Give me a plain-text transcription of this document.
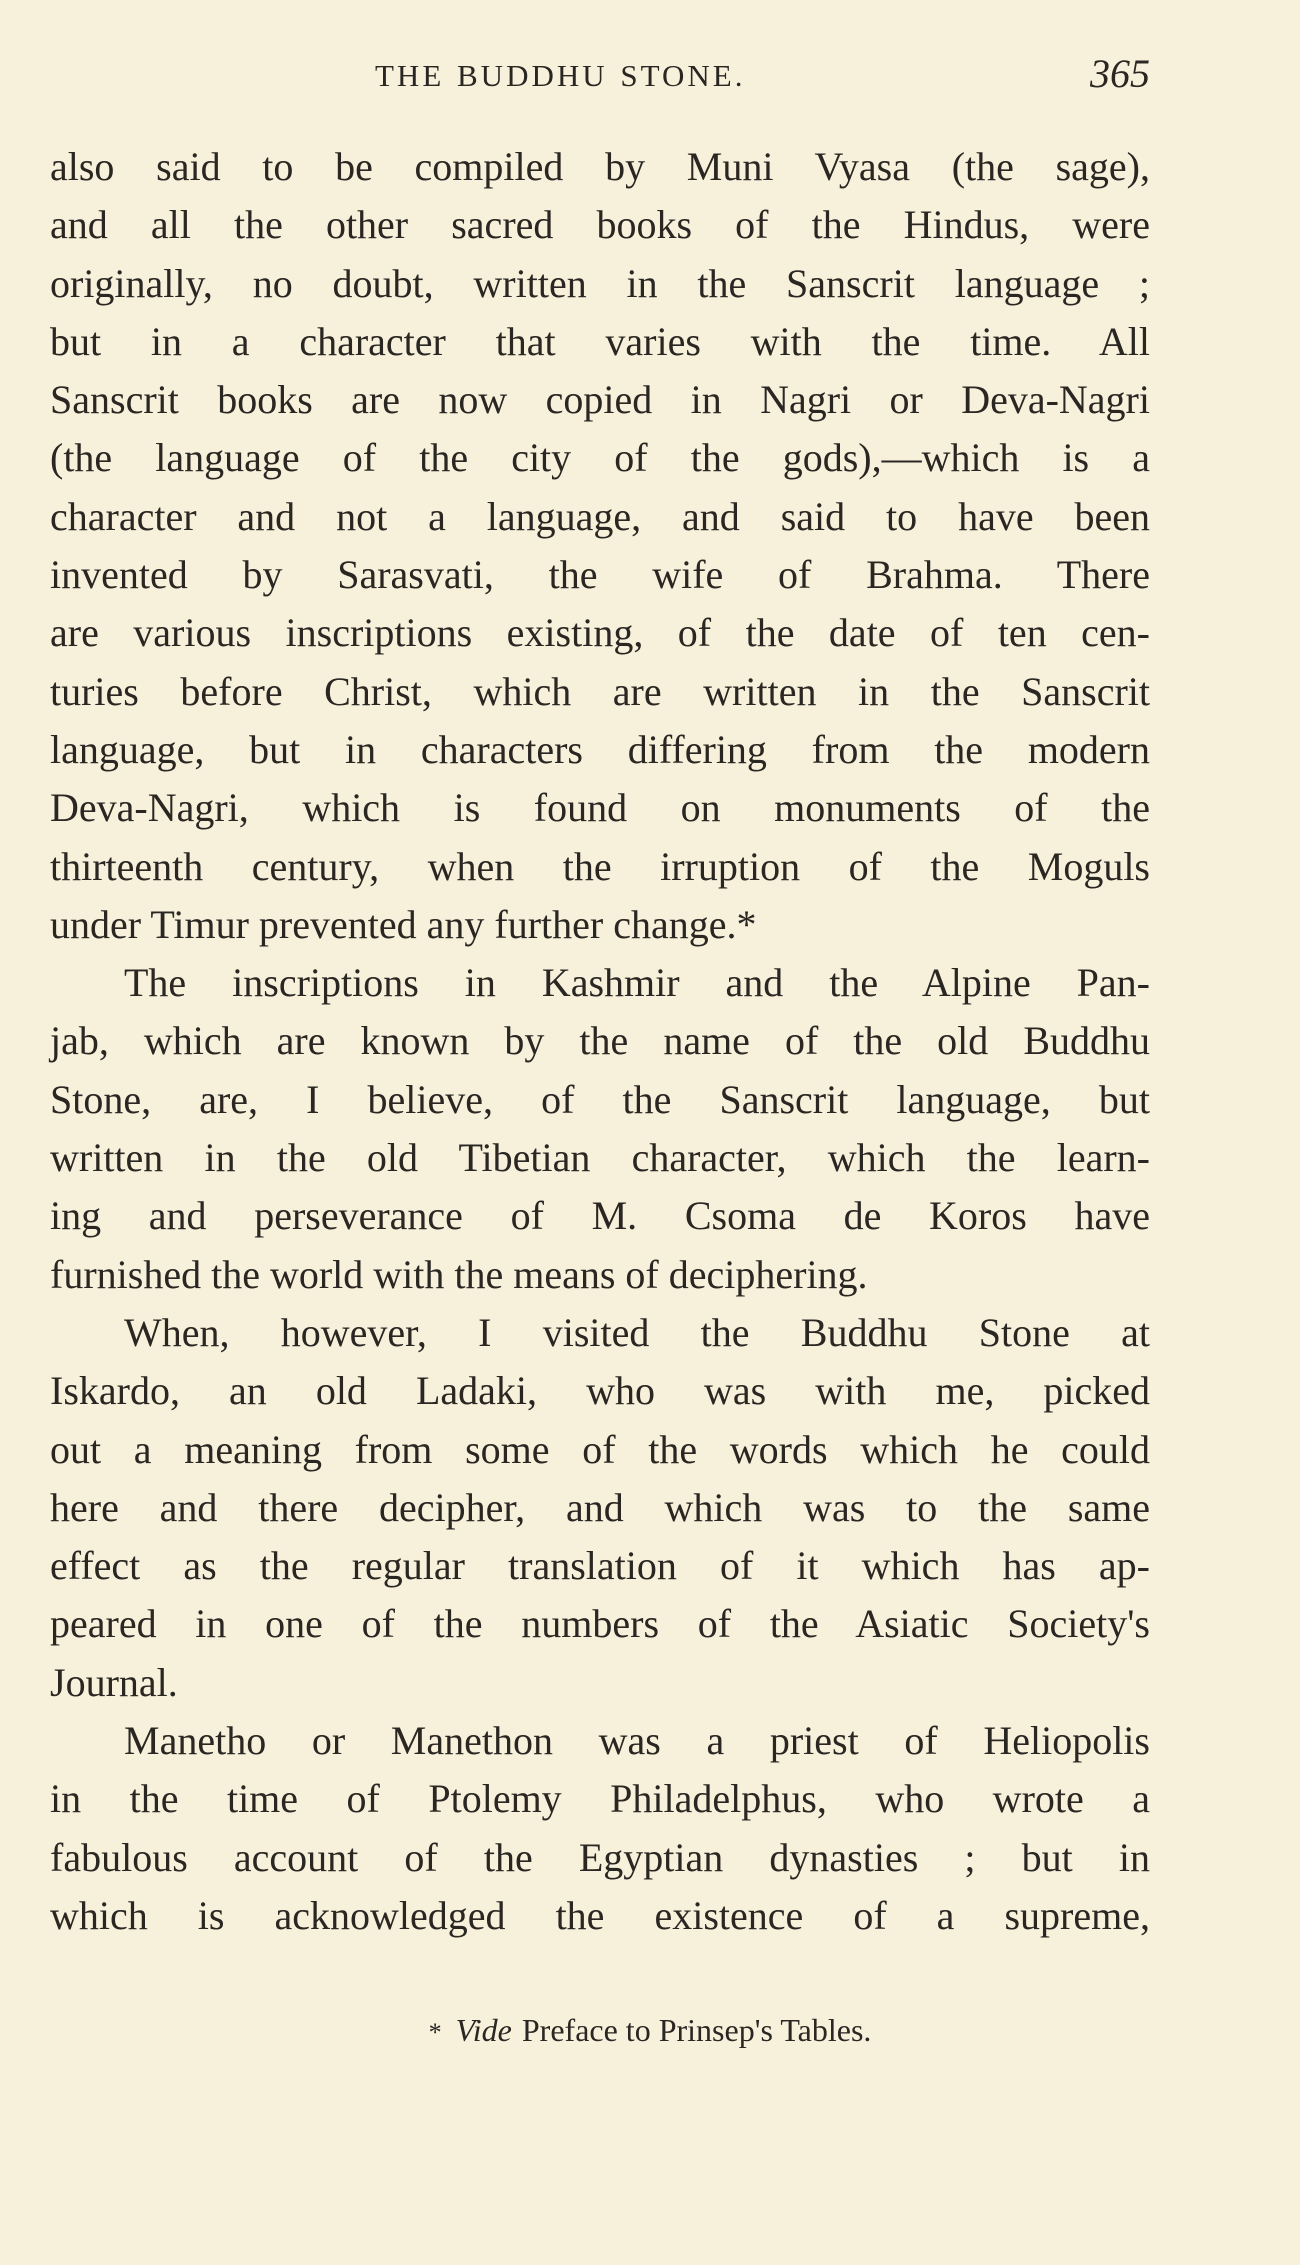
THE BUDDHU STONE.	365
also said to be compiled by Muni Vyasa (the sage),
and all the other sacred books of the Hindus, were
originally, no doubt, written in the Sanscrit language ;
but in a character that varies with the time. All
Sanscrit books are now copied in Nagri or Deva-Nagri
(the language of the city of the gods),—which is a
character and not a language, and said to have been
invented by Sarasvati, the wife of Brahma. There
are various inscriptions existing, of the date of ten cen-
turies before Christ, which are written in the Sanscrit
language, but in characters differing from the modern
Deva-Nagri, which is found on monuments of the
thirteenth century, when the irruption of the Moguls
under Timur prevented any further change.*
The inscriptions in Kashmir and the Alpine Pan-
jab, which are known by the name of the old Buddhu
Stone, are, I believe, of the Sanscrit language, but
written in the old Tibetian character, which the learn-
ing and perseverance of M. Csoma de Koros have
furnished the world with the means of deciphering.
When, however, I visited the Buddhu Stone at
Iskardo, an old Ladaki, who was with me, picked
out a meaning from some of the words which he could
here and there decipher, and which was to the same
effect as the regular translation of it which has ap-
peared in one of the numbers of the Asiatic Society's
Journal.
Manetho or Manethon was a priest of Heliopolis
in the time of Ptolemy Philadelphus, who wrote a
fabulous account of the Egyptian dynasties ; but in
which is acknowledged the existence of a supreme,
* Vide Preface to Prinsep's Tables.
